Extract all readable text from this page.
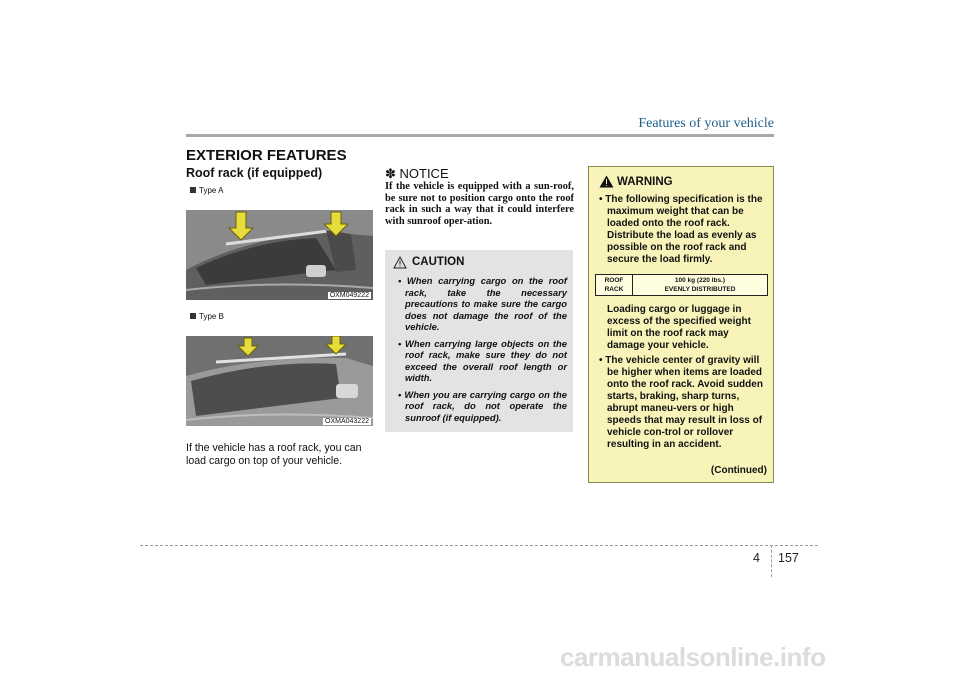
Features of your vehicle
EXTERIOR FEATURES
Roof rack (if equipped)
Type A
OXM049222
Type B
OXMA043222
If the vehicle has a roof rack, you can load cargo on top of your vehicle.
✽ NOTICE
If the vehicle is equipped with a sun-roof, be sure not to position cargo onto the roof rack in such a way that it could interfere with sunroof oper-ation.
CAUTION
• When carrying cargo on the roof rack, take the necessary precautions to make sure the cargo does not damage the roof of the vehicle.
• When carrying large objects on the roof rack, make sure they do not exceed the overall roof length or width.
• When you are carrying cargo on the roof rack, do not operate the sunroof (if equipped).
WARNING
• The following specification is the maximum weight that can be loaded onto the roof rack. Distribute the load as evenly as possible on the roof rack and secure the load firmly.
ROOF
RACK
100 kg (220 lbs.)
EVENLY DISTRIBUTED
Loading cargo or luggage in excess of the specified weight limit on the roof rack may damage your vehicle.
• The vehicle center of gravity will be higher when items are loaded onto the roof rack. Avoid sudden starts, braking, sharp turns, abrupt maneu-vers or high speeds that may result in loss of vehicle con-trol or rollover resulting in an accident.
(Continued)
4 157
carmanualsonline.info
